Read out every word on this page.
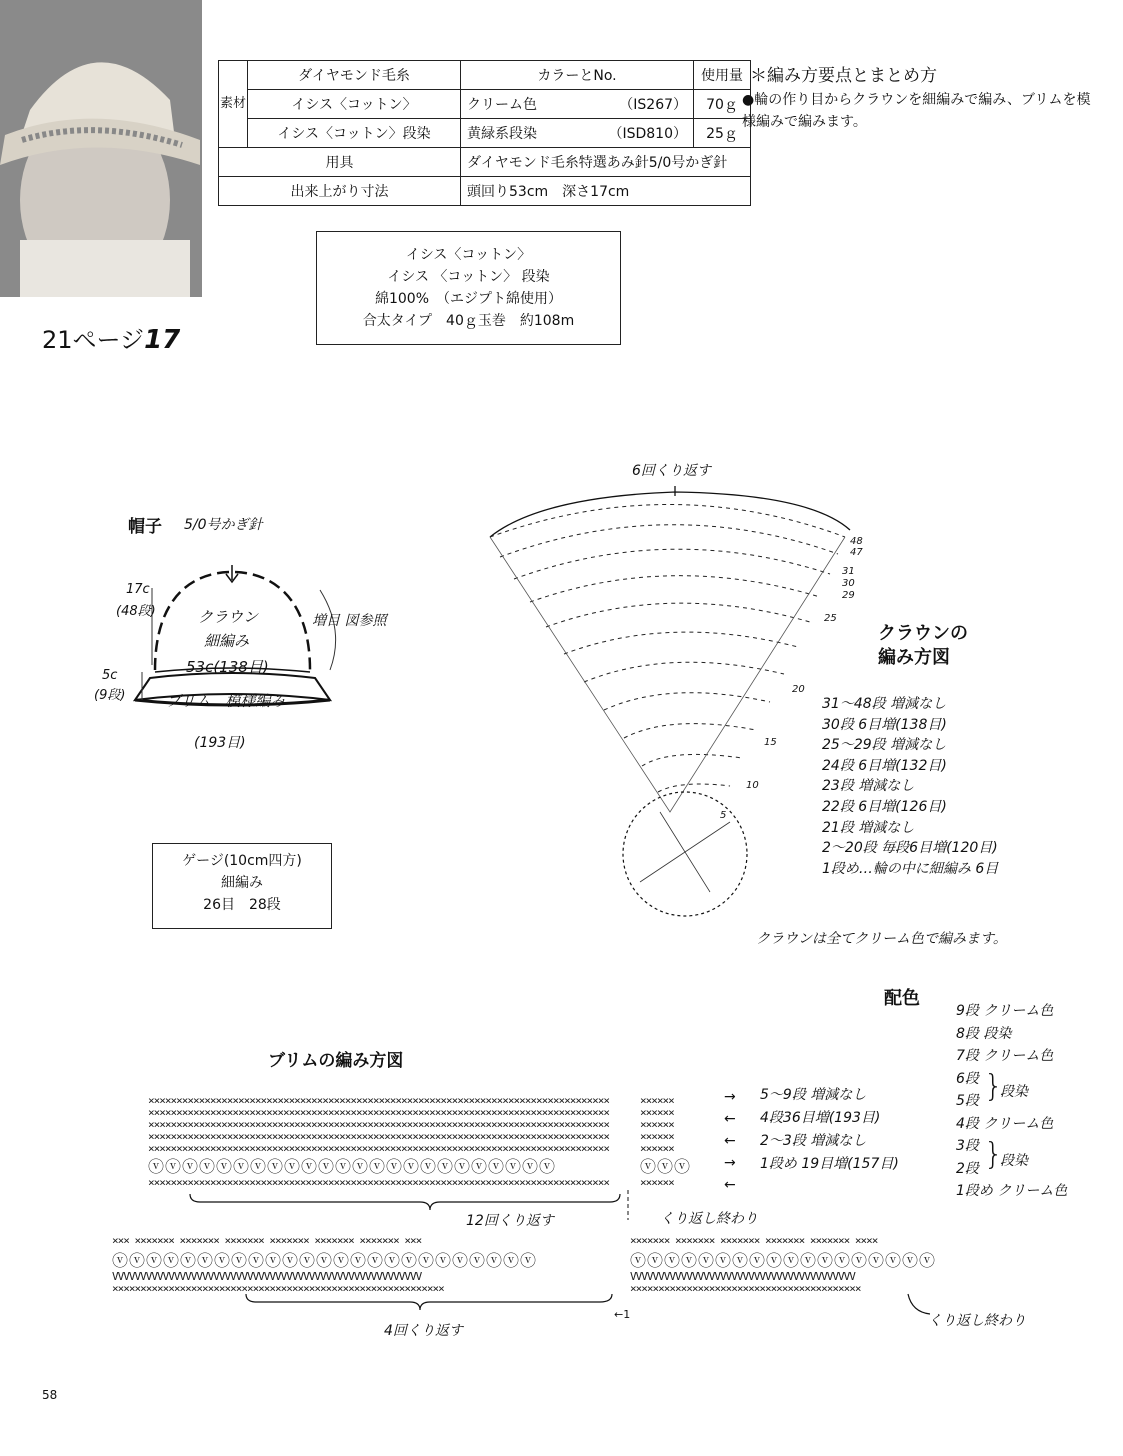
素材	ダイヤモンド毛糸	カラーとNo.		使用量
	イシス〈コットン〉	クリーム色	（IS267）	70ｇ
	イシス〈コットン〉段染	黄緑系段染	（ISD810）	25ｇ
用具		ダイヤモンド毛糸特選あみ針5/0号かぎ針		
出来上がり寸法		頭回り53cm　深さ17cm		
＊編み方要点とまとめ方
●輪の作り目からクラウンを細編みで編み、ブリムを模様編みで編みます。
イシス〈コットン〉
イシス 〈コットン〉 段染
綿100%　（エジプト綿使用）
合太タイプ　40ｇ玉巻　約108m
21ページ17
帽子 5/0号かぎ針
17c
(48段)	クラウン
細編み
53c(138目)
増目 図参照
5c
(9段)	ブリム　模様編み
(193目)
ゲージ(10cm四方)
細編み
26目　28段
6回くり返す
48
47
31
30
29
25
20
15
10
5
クラウンの
編み方図
31～48段 増減なし
30段 6目増(138目)
25～29段 増減なし
24段 6目増(132目)
23段 増減なし
22段 6目増(126目)
21段 増減なし
2～20段 毎段6目増(120目)
1段め…輪の中に細編み 6目
クラウンは全てクリーム色で編みます。
配色
9段 クリーム色
8段 段染
7段 クリーム色
6段
5段
4段 クリーム色
3段
2段
1段め クリーム色
}
段染
}
段染
ブリムの編み方図
××××××××××××××××××××××××××××××××××××××××××××××××××××××××××××××××××××××××××××××××××
××××××××××××××××××××××××××××××××××××××××××××××××××××××××××××××××××××××××××××××××××
××××××××××××××××××××××××××××××××××××××××××××××××××××××××××××××××××××××××××××××××××
××××××××××××××××××××××××××××××××××××××××××××××××××××××××××××××××××××××××××××××××××
××××××××××××××××××××××××××××××××××××××××××××××××××××××××××××××××××××××××××××××××××
ⓥⓥⓥⓥⓥⓥⓥⓥⓥⓥⓥⓥⓥⓥⓥⓥⓥⓥⓥⓥⓥⓥⓥⓥ
××××××××××××××××××××××××××××××××××××××××××××××××××××××××××××××××××××××××××××××××××
××××××
××××××
××××××
××××××
××××××
ⓥⓥⓥ
××××××
→
←
←
→
←
5～9段 増減なし
4段36目増(193目)
2～3段 増減なし
1段め 19目増(157目)
12回くり返す	くり返し終わり
××× ××××××× ××××××× ××××××× ××××××× ××××××× ××××××× ×××
ⓥⓥⓥⓥⓥⓥⓥⓥⓥⓥⓥⓥⓥⓥⓥⓥⓥⓥⓥⓥⓥⓥⓥⓥⓥ
VVVVVVVVVVVVVVVVVVVVVVVVVVVVVVVVVVVVVVVVVVVVVVVVVVVVVVV
×××××××××××××××××××××××××××××××××××××××××××××××××××××××××××
××××××× ××××××× ××××××× ××××××× ××××××× ××××
ⓥⓥⓥⓥⓥⓥⓥⓥⓥⓥⓥⓥⓥⓥⓥⓥⓥⓥ
VVVVVVVVVVVVVVVVVVVVVVVVVVVVVVVVVVVVVVVV
×××××××××××××××××××××××××××××××××××××××××
4回くり返す
くり返し終わり
←1
58
